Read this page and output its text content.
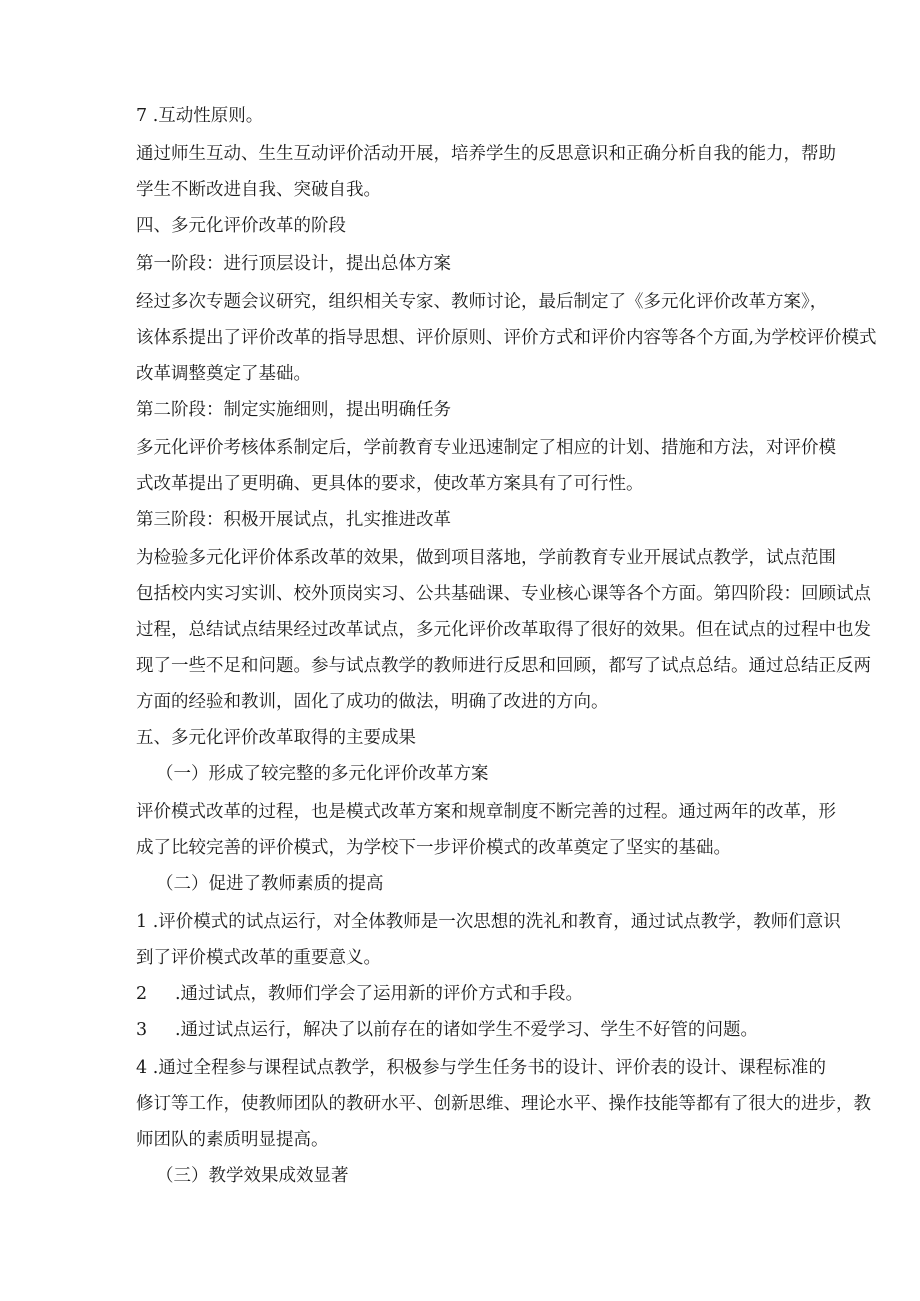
7 .互动性原则。

通过师生互动、生生互动评价活动开展，培养学生的反思意识和正确分析自我的能力，帮助

学生不断改进自我、突破自我。

四、多元化评价改革的阶段

第一阶段：进行顶层设计，提出总体方案

经过多次专题会议研究，组织相关专家、教师讨论，最后制定了《多元化评价改革方案》，

该体系提出了评价改革的指导思想、评价原则、评价方式和评价内容等各个方面,为学校评价模式

改革调整奠定了基础。

第二阶段：制定实施细则，提出明确任务

多元化评价考核体系制定后，学前教育专业迅速制定了相应的计划、措施和方法，对评价模

式改革提出了更明确、更具体的要求，使改革方案具有了可行性。

第三阶段：积极开展试点，扎实推进改革

为检验多元化评价体系改革的效果，做到项目落地，学前教育专业开展试点教学，试点范围

包括校内实习实训、校外顶岗实习、公共基础课、专业核心课等各个方面。第四阶段：回顾试点

过程，总结试点结果经过改革试点，多元化评价改革取得了很好的效果。但在试点的过程中也发

现了一些不足和问题。参与试点教学的教师进行反思和回顾，都写了试点总结。通过总结正反两

方面的经验和教训，固化了成功的做法，明确了改进的方向。

五、多元化评价改革取得的主要成果

（一）形成了较完整的多元化评价改革方案

评价模式改革的过程，也是模式改革方案和规章制度不断完善的过程。通过两年的改革，形

成了比较完善的评价模式，为学校下一步评价模式的改革奠定了坚实的基础。

（二）促进了教师素质的提高

1 .评价模式的试点运行，对全体教师是一次思想的洗礼和教育，通过试点教学，教师们意识

到了评价模式改革的重要意义。

2     .通过试点，教师们学会了运用新的评价方式和手段。

3     .通过试点运行，解决了以前存在的诸如学生不爱学习、学生不好管的问题。

4 .通过全程参与课程试点教学，积极参与学生任务书的设计、评价表的设计、课程标准的

修订等工作，使教师团队的教研水平、创新思维、理论水平、操作技能等都有了很大的进步，教

师团队的素质明显提高。

（三）教学效果成效显著
